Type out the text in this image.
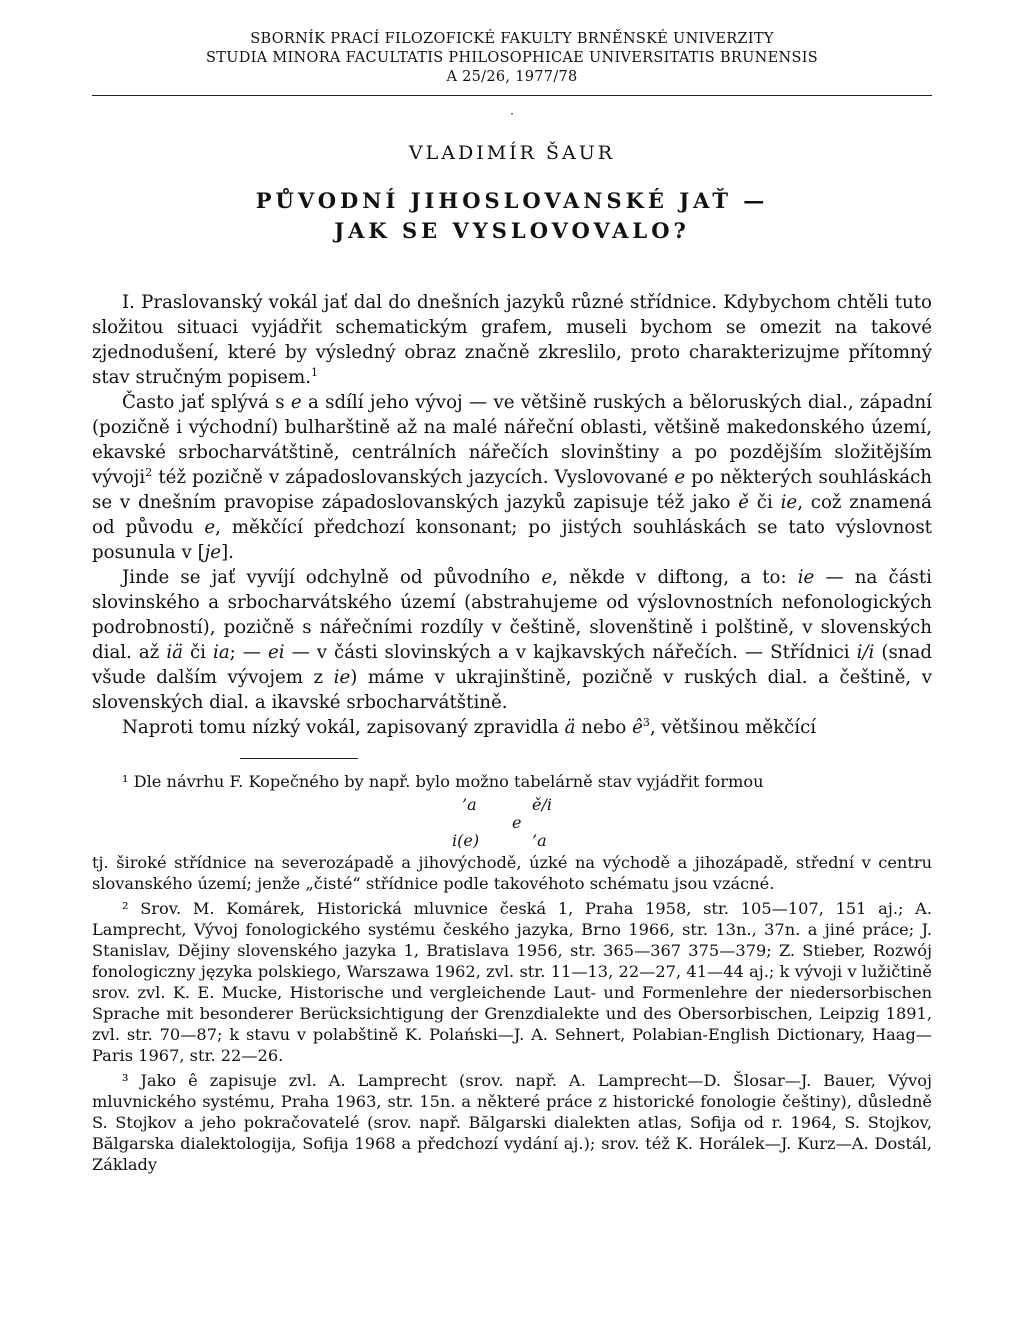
SBORNÍK PRACÍ FILOZOFICKÉ FAKULTY BRNĚNSKÉ UNIVERZITY
STUDIA MINORA FACULTATIS PHILOSOPHICAE UNIVERSITATIS BRUNENSIS
A 25/26, 1977/78
·
VLADIMÍR ŠAUR
PŮVODNÍ JIHOSLOVANSKÉ JAŤ —
JAK SE VYSLOVOVALO?

I. Praslovanský vokál jať dal do dnešních jazyků různé střídnice. Kdybychom chtěli tuto složitou situaci vyjádřit schematickým grafem, museli bychom se omezit na takové zjednodušení, které by výsledný obraz značně zkreslilo, proto charakterizujme přítomný stav stručným popisem.$^1$

Často jať splývá s e a sdílí jeho vývoj — ve většině ruských a běloruských dial., západní (pozičně i východní) bulharštině až na malé nářeční oblasti, většině makedonského území, ekavské srbocharvátštině, centrálních nářečích slovinštiny a po pozdějším složitějším vývoji$^2$ též pozičně v západoslovanských jazycích. Vyslovované e po některých souhláskách se v dnešním pravopise západoslovanských jazyků zapisuje též jako ě či ie, což znamená od původu e, měkčící předchozí konsonant; po jistých souhláskách se tato výslovnost posunula v [je].

Jinde se jať vyvíjí odchylně od původního e, někde v diftong, a to: ie — na části slovinského a srbocharvátského území (abstrahujeme od výslovnostních nefonologických podrobností), pozičně s nářečními rozdíly v češtině, slovenštině i polštině, v slovenských dial. až iä či ia; — ei — v části slovinských a v kajkavských nářečích. — Střídnici i/i (snad všude dalším vývojem z ie) máme v ukrajinštině, pozičně v ruských dial. a češtině, v slovenských dial. a ikavské srbocharvátštině.

Naproti tomu nízký vokál, zapisovaný zpravidla ä nebo $ê^3$, většinou měkčící

¹ Dle návrhu F. Kopečného by např. bylo možno tabelárně stav vyjádřit formou

’a	ě/i
e
i(e)	’a

tj. široké střídnice na severozápadě a jihovýchodě, úzké na východě a jihozápadě, střední v centru slovanského území; jenže „čisté“ střídnice podle takovéhoto schématu jsou vzácné.

² Srov. M. Komárek, Historická mluvnice česká 1, Praha 1958, str. 105—107, 151 aj.; A. Lamprecht, Vývoj fonologického systému českého jazyka, Brno 1966, str. 13n., 37n. a jiné práce; J. Stanislav, Dějiny slovenského jazyka 1, Bratislava 1956, str. 365—367 375—379; Z. Stieber, Rozwój fonologiczny języka polskiego, Warszawa 1962, zvl. str. 11—13, 22—27, 41—44 aj.; k vývoji v lužičtině srov. zvl. K. E. Mucke, Historische und vergleichende Laut- und Formenlehre der niedersorbischen Sprache mit besonderer Berücksichtigung der Grenzdialekte und des Obersorbischen, Leipzig 1891, zvl. str. 70—87; k stavu v polabštině K. Polański—J. A. Sehnert, Polabian-English Dictionary, Haag—Paris 1967, str. 22—26.

³ Jako ê zapisuje zvl. A. Lamprecht (srov. např. A. Lamprecht—D. Šlosar—J. Bauer, Vývoj mluvnického systému, Praha 1963, str. 15n. a některé práce z historické fonologie češtiny), důsledně S. Stojkov a jeho pokračovatelé (srov. např. Bălgarski dialekten atlas, Sofija od r. 1964, S. Stojkov, Bălgarska dialektologija, Sofija 1968 a předchozí vydání aj.); srov. též K. Horálek—J. Kurz—A. Dostál, Základy
